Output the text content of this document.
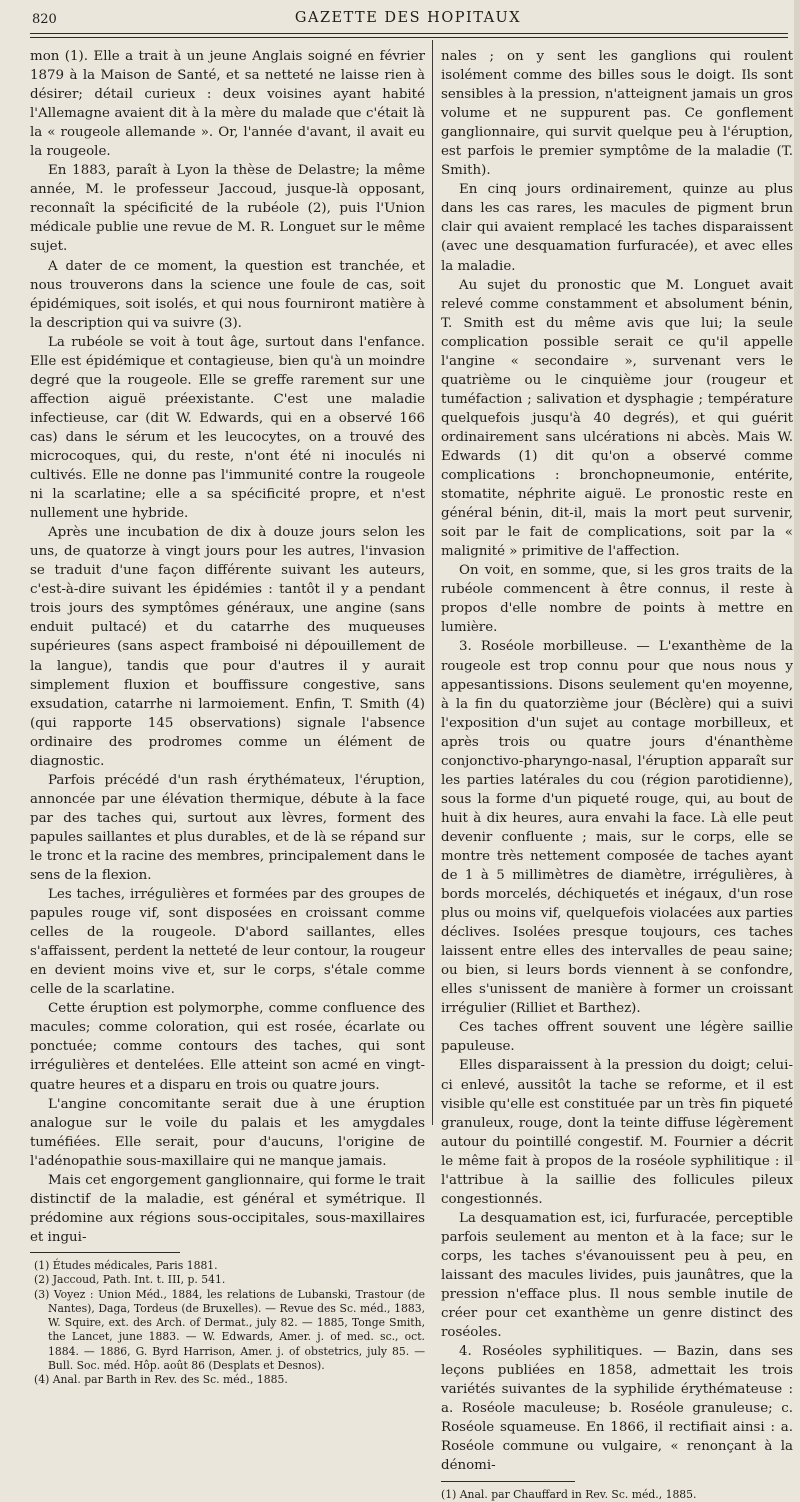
820	GAZETTE DES HOPITAUX

mon (1). Elle a trait à un jeune Anglais soigné en février 1879 à la Maison de Santé, et sa netteté ne laisse rien à désirer; détail curieux : deux voisines ayant habité l'Allemagne avaient dit à la mère du malade que c'était là la « rougeole allemande ». Or, l'année d'avant, il avait eu la rougeole.

En 1883, paraît à Lyon la thèse de Delastre; la même année, M. le professeur Jaccoud, jusque-là opposant, reconnaît la spécificité de la rubéole (2), puis l'Union médicale publie une revue de M. R. Longuet sur le même sujet.

A dater de ce moment, la question est tranchée, et nous trouverons dans la science une foule de cas, soit épidémiques, soit isolés, et qui nous fourniront matière à la description qui va suivre (3).

La rubéole se voit à tout âge, surtout dans l'enfance. Elle est épidémique et contagieuse, bien qu'à un moindre degré que la rougeole. Elle se greffe rarement sur une affection aiguë préexistante. C'est une maladie infectieuse, car (dit W. Edwards, qui en a observé 166 cas) dans le sérum et les leucocytes, on a trouvé des microcoques, qui, du reste, n'ont été ni inoculés ni cultivés. Elle ne donne pas l'immunité contre la rougeole ni la scarlatine; elle a sa spécificité propre, et n'est nullement une hybride.

Après une incubation de dix à douze jours selon les uns, de quatorze à vingt jours pour les autres, l'invasion se traduit d'une façon différente suivant les auteurs, c'est-à-dire suivant les épidémies : tantôt il y a pendant trois jours des symptômes généraux, une angine (sans enduit pultacé) et du catarrhe des muqueuses supérieures (sans aspect framboisé ni dépouillement de la langue), tandis que pour d'autres il y aurait simplement fluxion et bouffissure congestive, sans exsudation, catarrhe ni larmoiement. Enfin, T. Smith (4) (qui rapporte 145 observations) signale l'absence ordinaire des prodromes comme un élément de diagnostic.

Parfois précédé d'un rash érythémateux, l'éruption, annoncée par une élévation thermique, débute à la face par des taches qui, surtout aux lèvres, forment des papules saillantes et plus durables, et de là se répand sur le tronc et la racine des membres, principalement dans le sens de la flexion.

Les taches, irrégulières et formées par des groupes de papules rouge vif, sont disposées en croissant comme celles de la rougeole. D'abord saillantes, elles s'affaissent, perdent la netteté de leur contour, la rougeur en devient moins vive et, sur le corps, s'étale comme celle de la scarlatine.

Cette éruption est polymorphe, comme confluence des macules; comme coloration, qui est rosée, écarlate ou ponctuée; comme contours des taches, qui sont irrégulières et dentelées. Elle atteint son acmé en vingt-quatre heures et a disparu en trois ou quatre jours.

L'angine concomitante serait due à une éruption analogue sur le voile du palais et les amygdales tuméfiées. Elle serait, pour d'aucuns, l'origine de l'adénopathie sous-maxillaire qui ne manque jamais.

Mais cet engorgement ganglionnaire, qui forme le trait distinctif de la maladie, est général et symétrique. Il prédomine aux régions sous-occipitales, sous-maxillaires et ingui-

(1) Études médicales, Paris 1881.

(2) Jaccoud, Path. Int. t. III, p. 541.

(3) Voyez : Union Méd., 1884, les relations de Lubanski, Trastour (de Nantes), Daga, Tordeus (de Bruxelles). — Revue des Sc. méd., 1883, W. Squire, ext. des Arch. of Dermat., july 82. — 1885, Tonge Smith, the Lancet, june 1883. — W. Edwards, Amer. j. of med. sc., oct. 1884. — 1886, G. Byrd Harrison, Amer. j. of obstetrics, july 85. — Bull. Soc. méd. Hôp. août 86 (Desplats et Desnos).

(4) Anal. par Barth in Rev. des Sc. méd., 1885.

nales ; on y sent les ganglions qui roulent isolément comme des billes sous le doigt. Ils sont sensibles à la pression, n'atteignent jamais un gros volume et ne suppurent pas. Ce gonflement ganglionnaire, qui survit quelque peu à l'éruption, est parfois le premier symptôme de la maladie (T. Smith).

En cinq jours ordinairement, quinze au plus dans les cas rares, les macules de pigment brun clair qui avaient remplacé les taches disparaissent (avec une desquamation furfuracée), et avec elles la maladie.

Au sujet du pronostic que M. Longuet avait relevé comme constamment et absolument bénin, T. Smith est du même avis que lui; la seule complication possible serait ce qu'il appelle l'angine « secondaire », survenant vers le quatrième ou le cinquième jour (rougeur et tuméfaction ; salivation et dysphagie ; température quelquefois jusqu'à 40 degrés), et qui guérit ordinairement sans ulcérations ni abcès. Mais W. Edwards (1) dit qu'on a observé comme complications : bronchopneumonie, entérite, stomatite, néphrite aiguë. Le pronostic reste en général bénin, dit-il, mais la mort peut survenir, soit par le fait de complications, soit par la « malignité » primitive de l'affection.

On voit, en somme, que, si les gros traits de la rubéole commencent à être connus, il reste à propos d'elle nombre de points à mettre en lumière.

3. Roséole morbilleuse. — L'exanthème de la rougeole est trop connu pour que nous nous y appesantissions. Disons seulement qu'en moyenne, à la fin du quatorzième jour (Béclère) qui a suivi l'exposition d'un sujet au contage morbilleux, et après trois ou quatre jours d'énanthème conjonctivo-pharyngo-nasal, l'éruption apparaît sur les parties latérales du cou (région parotidienne), sous la forme d'un piqueté rouge, qui, au bout de huit à dix heures, aura envahi la face. Là elle peut devenir confluente ; mais, sur le corps, elle se montre très nettement composée de taches ayant de 1 à 5 millimètres de diamètre, irrégulières, à bords morcelés, déchiquetés et inégaux, d'un rose plus ou moins vif, quelquefois violacées aux parties déclives. Isolées presque toujours, ces taches laissent entre elles des intervalles de peau saine; ou bien, si leurs bords viennent à se confondre, elles s'unissent de manière à former un croissant irrégulier (Rilliet et Barthez).

Ces taches offrent souvent une légère saillie papuleuse.

Elles disparaissent à la pression du doigt; celui-ci enlevé, aussitôt la tache se reforme, et il est visible qu'elle est constituée par un très fin piqueté granuleux, rouge, dont la teinte diffuse légèrement autour du pointillé congestif. M. Fournier a décrit le même fait à propos de la roséole syphilitique : il l'attribue à la saillie des follicules pileux congestionnés.

La desquamation est, ici, furfuracée, perceptible parfois seulement au menton et à la face; sur le corps, les taches s'évanouissent peu à peu, en laissant des macules livides, puis jaunâtres, que la pression n'efface plus. Il nous semble inutile de créer pour cet exanthème un genre distinct des roséoles.

4. Roséoles syphilitiques. — Bazin, dans ses leçons publiées en 1858, admettait les trois variétés suivantes de la syphilide érythémateuse : a. Roséole maculeuse; b. Roséole granuleuse; c. Roséole squameuse. En 1866, il rectifiait ainsi : a. Roséole commune ou vulgaire, « renonçant à la dénomi-

(1) Anal. par Chauffard in Rev. Sc. méd., 1885.
